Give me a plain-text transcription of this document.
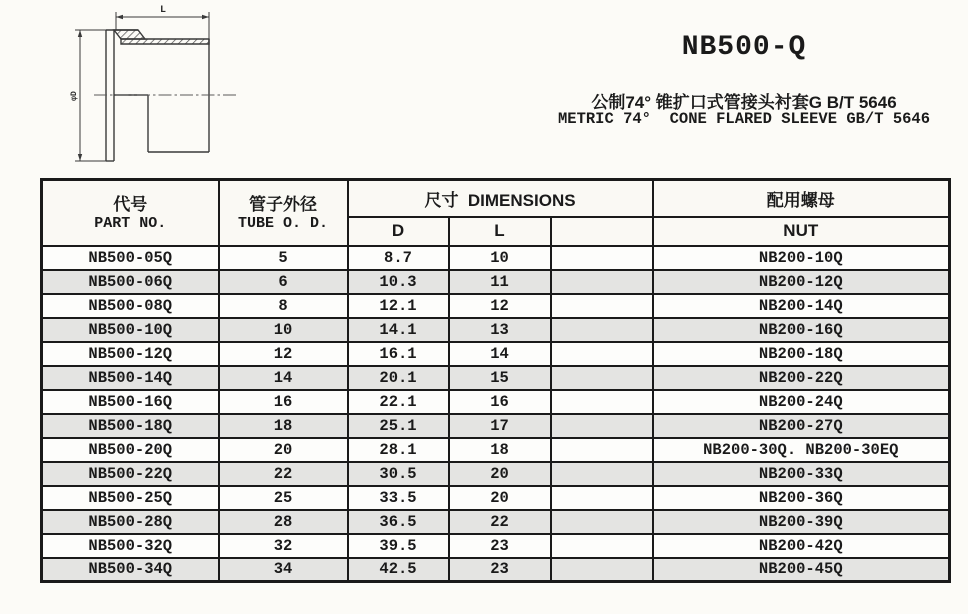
L
φD
NB500-Q
公制74° 锥扩口式管接头衬套G B/T 5646
METRIC 74°  CONE FLARED SLEEVE GB/T 5646
代号
PART NO.	管子外径
TUBE O. D.	尺寸  DIMENSIONS			配用螺母
		D	L		NUT
NB500-05Q	5	8.7	10		NB200-10Q
NB500-06Q	6	10.3	11		NB200-12Q
NB500-08Q	8	12.1	12		NB200-14Q
NB500-10Q	10	14.1	13		NB200-16Q
NB500-12Q	12	16.1	14		NB200-18Q
NB500-14Q	14	20.1	15		NB200-22Q
NB500-16Q	16	22.1	16		NB200-24Q
NB500-18Q	18	25.1	17		NB200-27Q
NB500-20Q	20	28.1	18		NB200-30Q. NB200-30EQ
NB500-22Q	22	30.5	20		NB200-33Q
NB500-25Q	25	33.5	20		NB200-36Q
NB500-28Q	28	36.5	22		NB200-39Q
NB500-32Q	32	39.5	23		NB200-42Q
NB500-34Q	34	42.5	23		NB200-45Q
